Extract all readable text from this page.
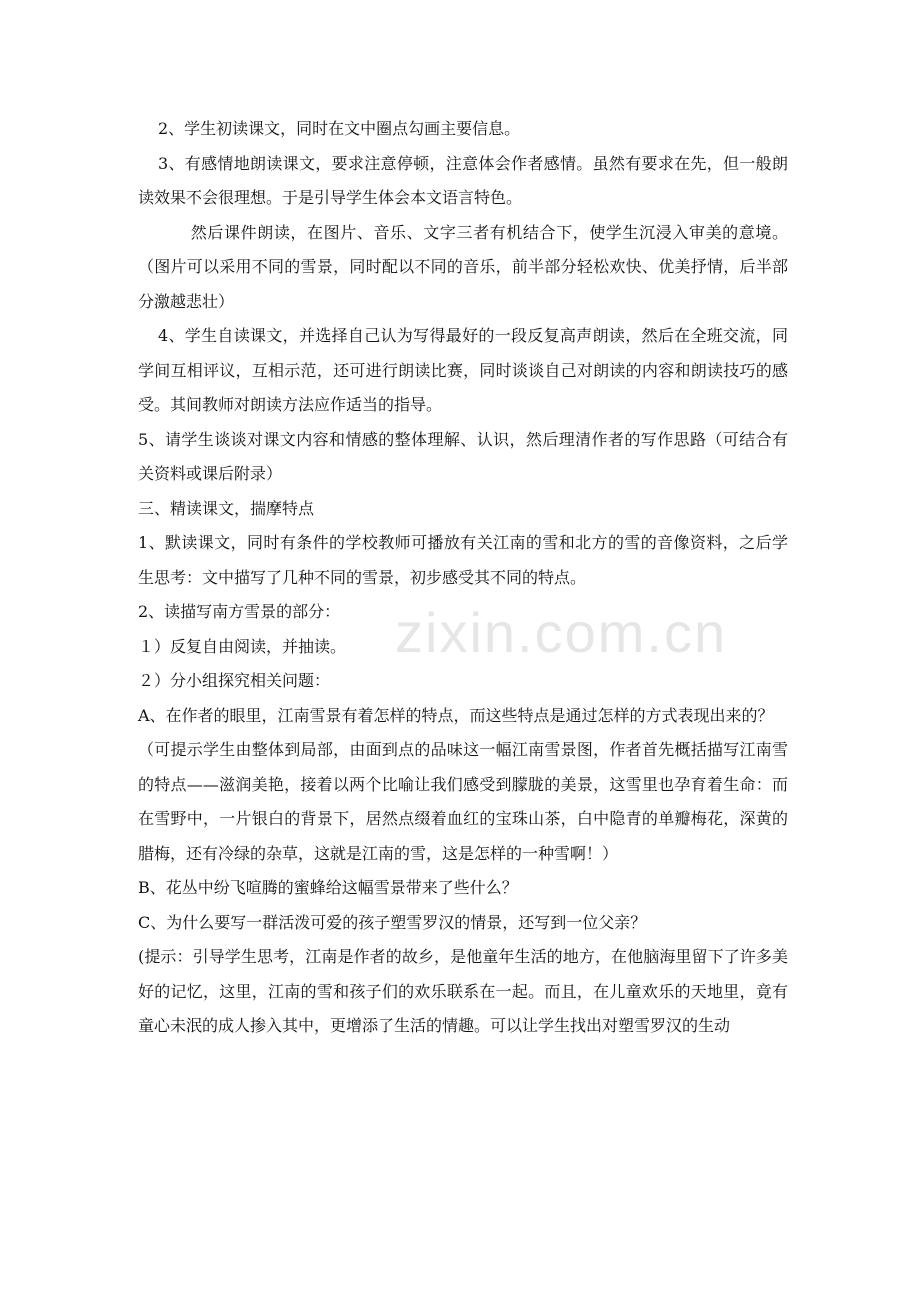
zixin.com.cn

2、学生初读课文，同时在文中圈点勾画主要信息。

3、有感情地朗读课文，要求注意停顿，注意体会作者感情。虽然有要求在先，但一般朗读效果不会很理想。于是引导学生体会本文语言特色。

然后课件朗读，在图片、音乐、文字三者有机结合下，使学生沉浸入审美的意境。（图片可以采用不同的雪景，同时配以不同的音乐，前半部分轻松欢快、优美抒情，后半部分激越悲壮）

4、学生自读课文，并选择自己认为写得最好的一段反复高声朗读，然后在全班交流，同学间互相评议，互相示范，还可进行朗读比赛，同时谈谈自己对朗读的内容和朗读技巧的感受。其间教师对朗读方法应作适当的指导。

5、请学生谈谈对课文内容和情感的整体理解、认识，然后理清作者的写作思路（可结合有关资料或课后附录）

三、精读课文，揣摩特点

1、默读课文，同时有条件的学校教师可播放有关江南的雪和北方的雪的音像资料，之后学生思考：文中描写了几种不同的雪景，初步感受其不同的特点。

2、读描写南方雪景的部分：

１）反复自由阅读，并抽读。

２）分小组探究相关问题：

A、在作者的眼里，江南雪景有着怎样的特点，而这些特点是通过怎样的方式表现出来的？

（可提示学生由整体到局部，由面到点的品味这一幅江南雪景图，作者首先概括描写江南雪的特点——滋润美艳，接着以两个比喻让我们感受到朦胧的美景，这雪里也孕育着生命：而在雪野中，一片银白的背景下，居然点缀着血红的宝珠山茶，白中隐青的单瓣梅花，深黄的腊梅，还有冷绿的杂草，这就是江南的雪，这是怎样的一种雪啊！）

B、花丛中纷飞喧腾的蜜蜂给这幅雪景带来了些什么？

C、为什么要写一群活泼可爱的孩子塑雪罗汉的情景，还写到一位父亲？

(提示：引导学生思考，江南是作者的故乡，是他童年生活的地方，在他脑海里留下了许多美好的记忆，这里，江南的雪和孩子们的欢乐联系在一起。而且，在儿童欢乐的天地里，竟有童心未泯的成人掺入其中，更增添了生活的情趣。可以让学生找出对塑雪罗汉的生动
